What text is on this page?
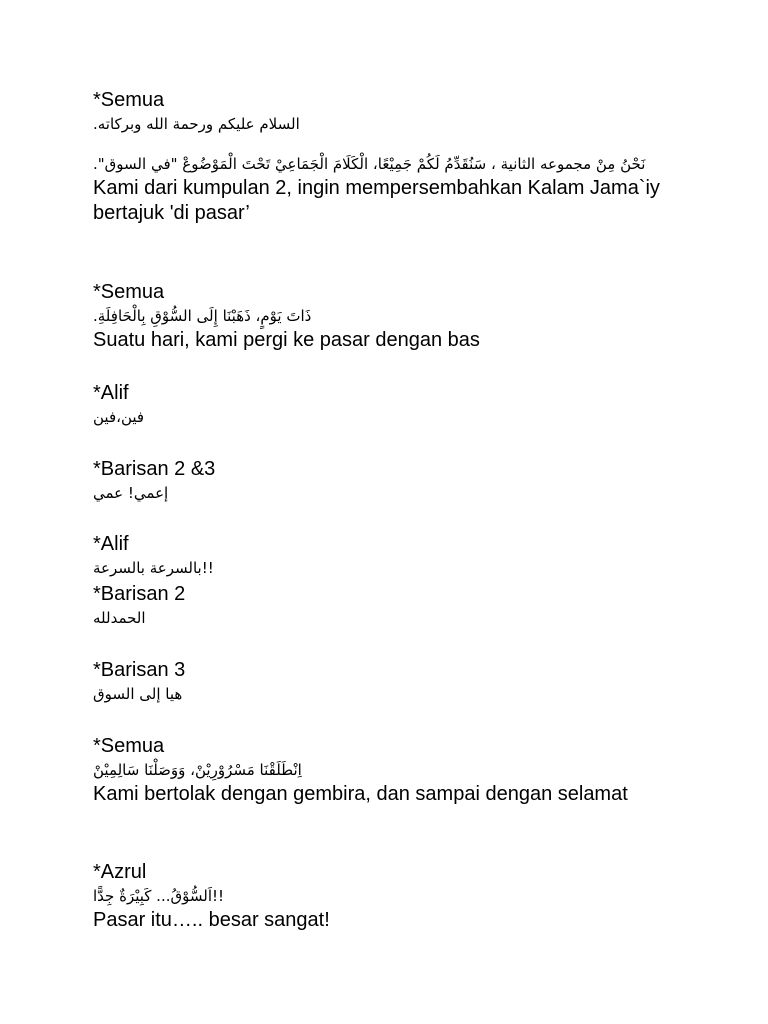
*Semua
السلام عليكم ورحمة الله وبركاته.
نَحْنُ مِنْ مجموعه الثانية ، سَنُقَدِّمُ لَكُمْ جَمِيْعًا، الْكَلَامَ الْجَمَاعِيْ تَحْتَ الْمَوْضُوعْ "في السوق".
Kami dari kumpulan 2, ingin mempersembahkan Kalam Jama`iy bertajuk 'di pasar’
*Semua
ذَاتَ يَوْمٍ، ذَهَبْنَا إِلَى السُّوْقِ بِالْحَافِلَةِ.
Suatu hari, kami pergi ke pasar dengan bas
*Alif
فين،فين
*Barisan 2 &3
إعمي! عمي
*Alif
!!بالسرعة بالسرعة
*Barisan 2
الحمدلله
*Barisan 3
هيا إلى السوق
*Semua
اِنْطَلَقْنَا مَسْرُوْرِيْنْ، وَوَصَلْنَا سَالِمِيْنْ
Kami bertolak dengan gembira, dan sampai dengan selamat
*Azrul
!!اَلسُّوْقُ... كَبِيْرَةٌ جِدًّا
Pasar itu….. besar sangat!
